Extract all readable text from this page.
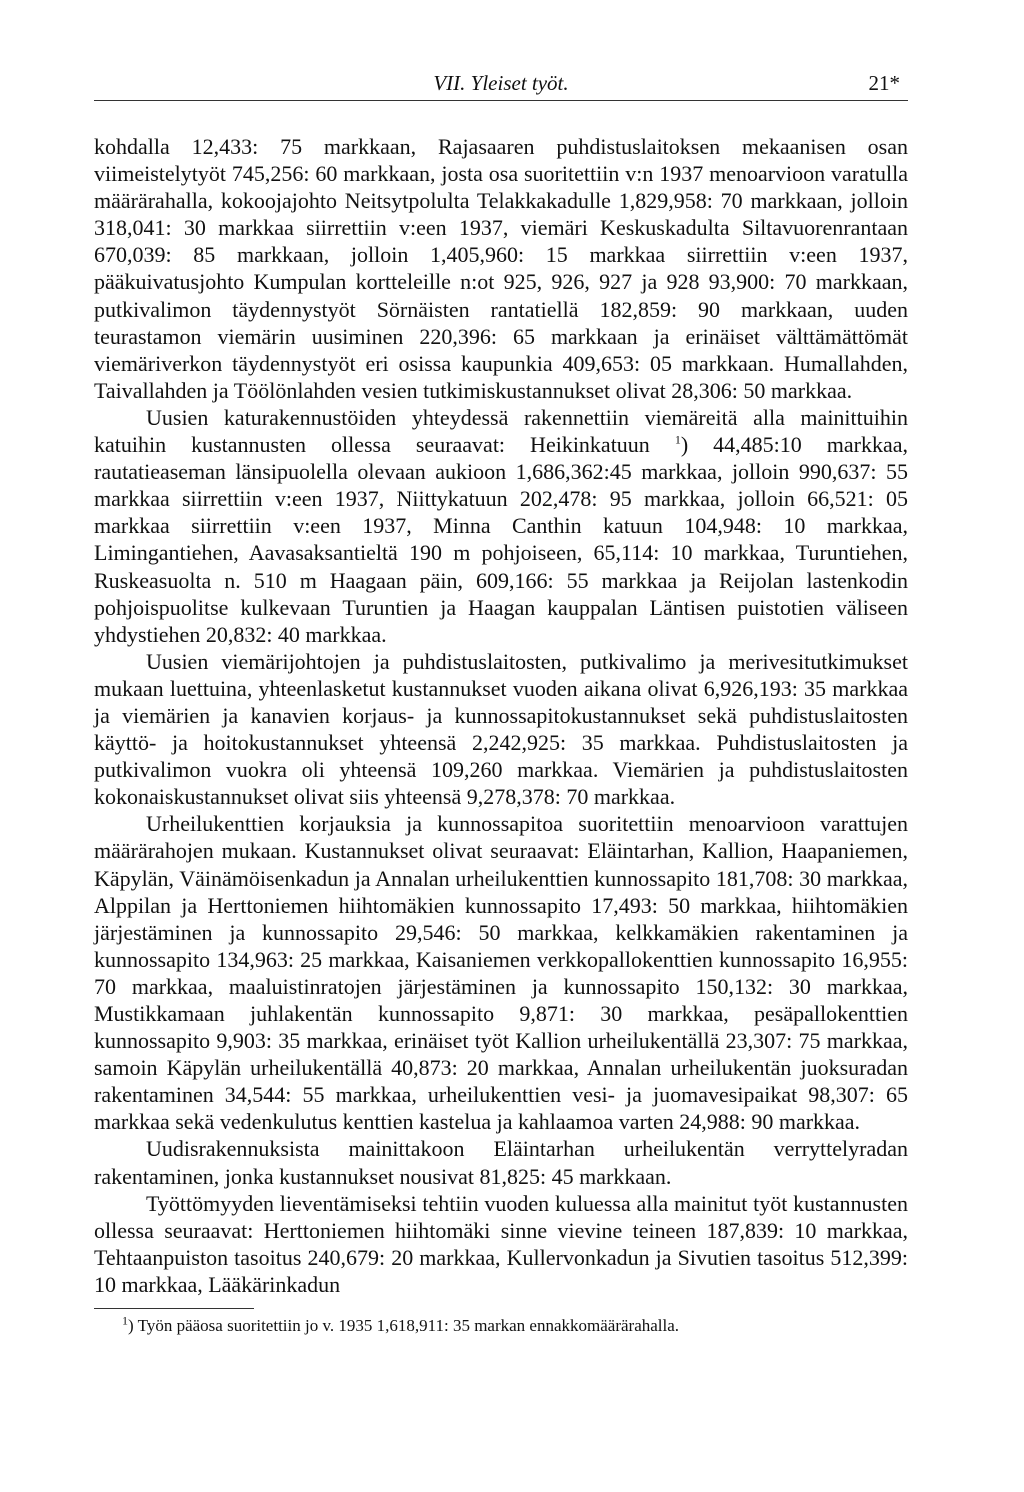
VII. Yleiset työt.	21*

kohdalla 12,433: 75 markkaan, Rajasaaren puhdistuslaitoksen mekaanisen osan viimeistelytyöt 745,256: 60 markkaan, josta osa suoritettiin v:n 1937 menoarvioon varatulla määrärahalla, kokoojajohto Neitsytpolulta Telakkakadulle 1,829,958: 70 markkaan, jolloin 318,041: 30 markkaa siirrettiin v:een 1937, viemäri Keskuskadulta Siltavuorenrantaan 670,039: 85 markkaan, jolloin 1,405,960: 15 markkaa siirrettiin v:een 1937, pääkuivatusjohto Kumpulan kortteleille n:ot 925, 926, 927 ja 928 93,900: 70 markkaan, putkivalimon täydennystyöt Sörnäisten rantatiellä 182,859: 90 markkaan, uuden teurastamon viemärin uusiminen 220,396: 65 markkaan ja erinäiset välttämättömät viemäriverkon täydennystyöt eri osissa kaupunkia 409,653: 05 markkaan. Humallahden, Taivallahden ja Töölönlahden vesien tutkimiskustannukset olivat 28,306: 50 markkaa.

Uusien katurakennustöiden yhteydessä rakennettiin viemäreitä alla mainittuihin katuihin kustannusten ollessa seuraavat: Heikinkatuun $^1$) 44,485:10 markkaa, rautatieaseman länsipuolella olevaan aukioon 1,686,362:45 markkaa, jolloin 990,637: 55 markkaa siirrettiin v:een 1937, Niittykatuun 202,478: 95 markkaa, jolloin 66,521: 05 markkaa siirrettiin v:een 1937, Minna Canthin katuun 104,948: 10 markkaa, Limingantiehen, Aavasaksantieltä 190 m pohjoiseen, 65,114: 10 markkaa, Turuntiehen, Ruskeasuolta n. 510 m Haagaan päin, 609,166: 55 markkaa ja Reijolan lastenkodin pohjoispuolitse kulkevaan Turuntien ja Haagan kauppalan Läntisen puistotien väliseen yhdystiehen 20,832: 40 markkaa.

Uusien viemärijohtojen ja puhdistuslaitosten, putkivalimo ja merivesitutkimukset mukaan luettuina, yhteenlasketut kustannukset vuoden aikana olivat 6,926,193: 35 markkaa ja viemärien ja kanavien korjaus- ja kunnossapitokustannukset sekä puhdistuslaitosten käyttö- ja hoitokustannukset yhteensä 2,242,925: 35 markkaa. Puhdistuslaitosten ja putkivalimon vuokra oli yhteensä 109,260 markkaa. Viemärien ja puhdistuslaitosten kokonaiskustannukset olivat siis yhteensä 9,278,378: 70 markkaa.

Urheilukenttien korjauksia ja kunnossapitoa suoritettiin menoarvioon varattujen määrärahojen mukaan. Kustannukset olivat seuraavat: Eläintarhan, Kallion, Haapaniemen, Käpylän, Väinämöisenkadun ja Annalan urheilukenttien kunnossapito 181,708: 30 markkaa, Alppilan ja Herttoniemen hiihtomäkien kunnossapito 17,493: 50 markkaa, hiihtomäkien järjestäminen ja kunnossapito 29,546: 50 markkaa, kelkkamäkien rakentaminen ja kunnossapito 134,963: 25 markkaa, Kaisaniemen verkkopallokenttien kunnossapito 16,955: 70 markkaa, maaluistinratojen järjestäminen ja kunnossapito 150,132: 30 markkaa, Mustikkamaan juhlakentän kunnossapito 9,871: 30 markkaa, pesäpallokenttien kunnossapito 9,903: 35 markkaa, erinäiset työt Kallion urheilukentällä 23,307: 75 markkaa, samoin Käpylän urheilukentällä 40,873: 20 markkaa, Annalan urheilukentän juoksuradan rakentaminen 34,544: 55 markkaa, urheilukenttien vesi- ja juomavesipaikat 98,307: 65 markkaa sekä vedenkulutus kenttien kastelua ja kahlaamoa varten 24,988: 90 markkaa.

Uudisrakennuksista mainittakoon Eläintarhan urheilukentän verryttelyradan rakentaminen, jonka kustannukset nousivat 81,825: 45 markkaan.

Työttömyyden lieventämiseksi tehtiin vuoden kuluessa alla mainitut työt kustannusten ollessa seuraavat: Herttoniemen hiihtomäki sinne vievine teineen 187,839: 10 markkaa, Tehtaanpuiston tasoitus 240,679: 20 markkaa, Kullervonkadun ja Sivutien tasoitus 512,399: 10 markkaa, Lääkärinkadun

$^1$) Työn pääosa suoritettiin jo v. 1935 1,618,911: 35 markan ennakkomäärärahalla.
